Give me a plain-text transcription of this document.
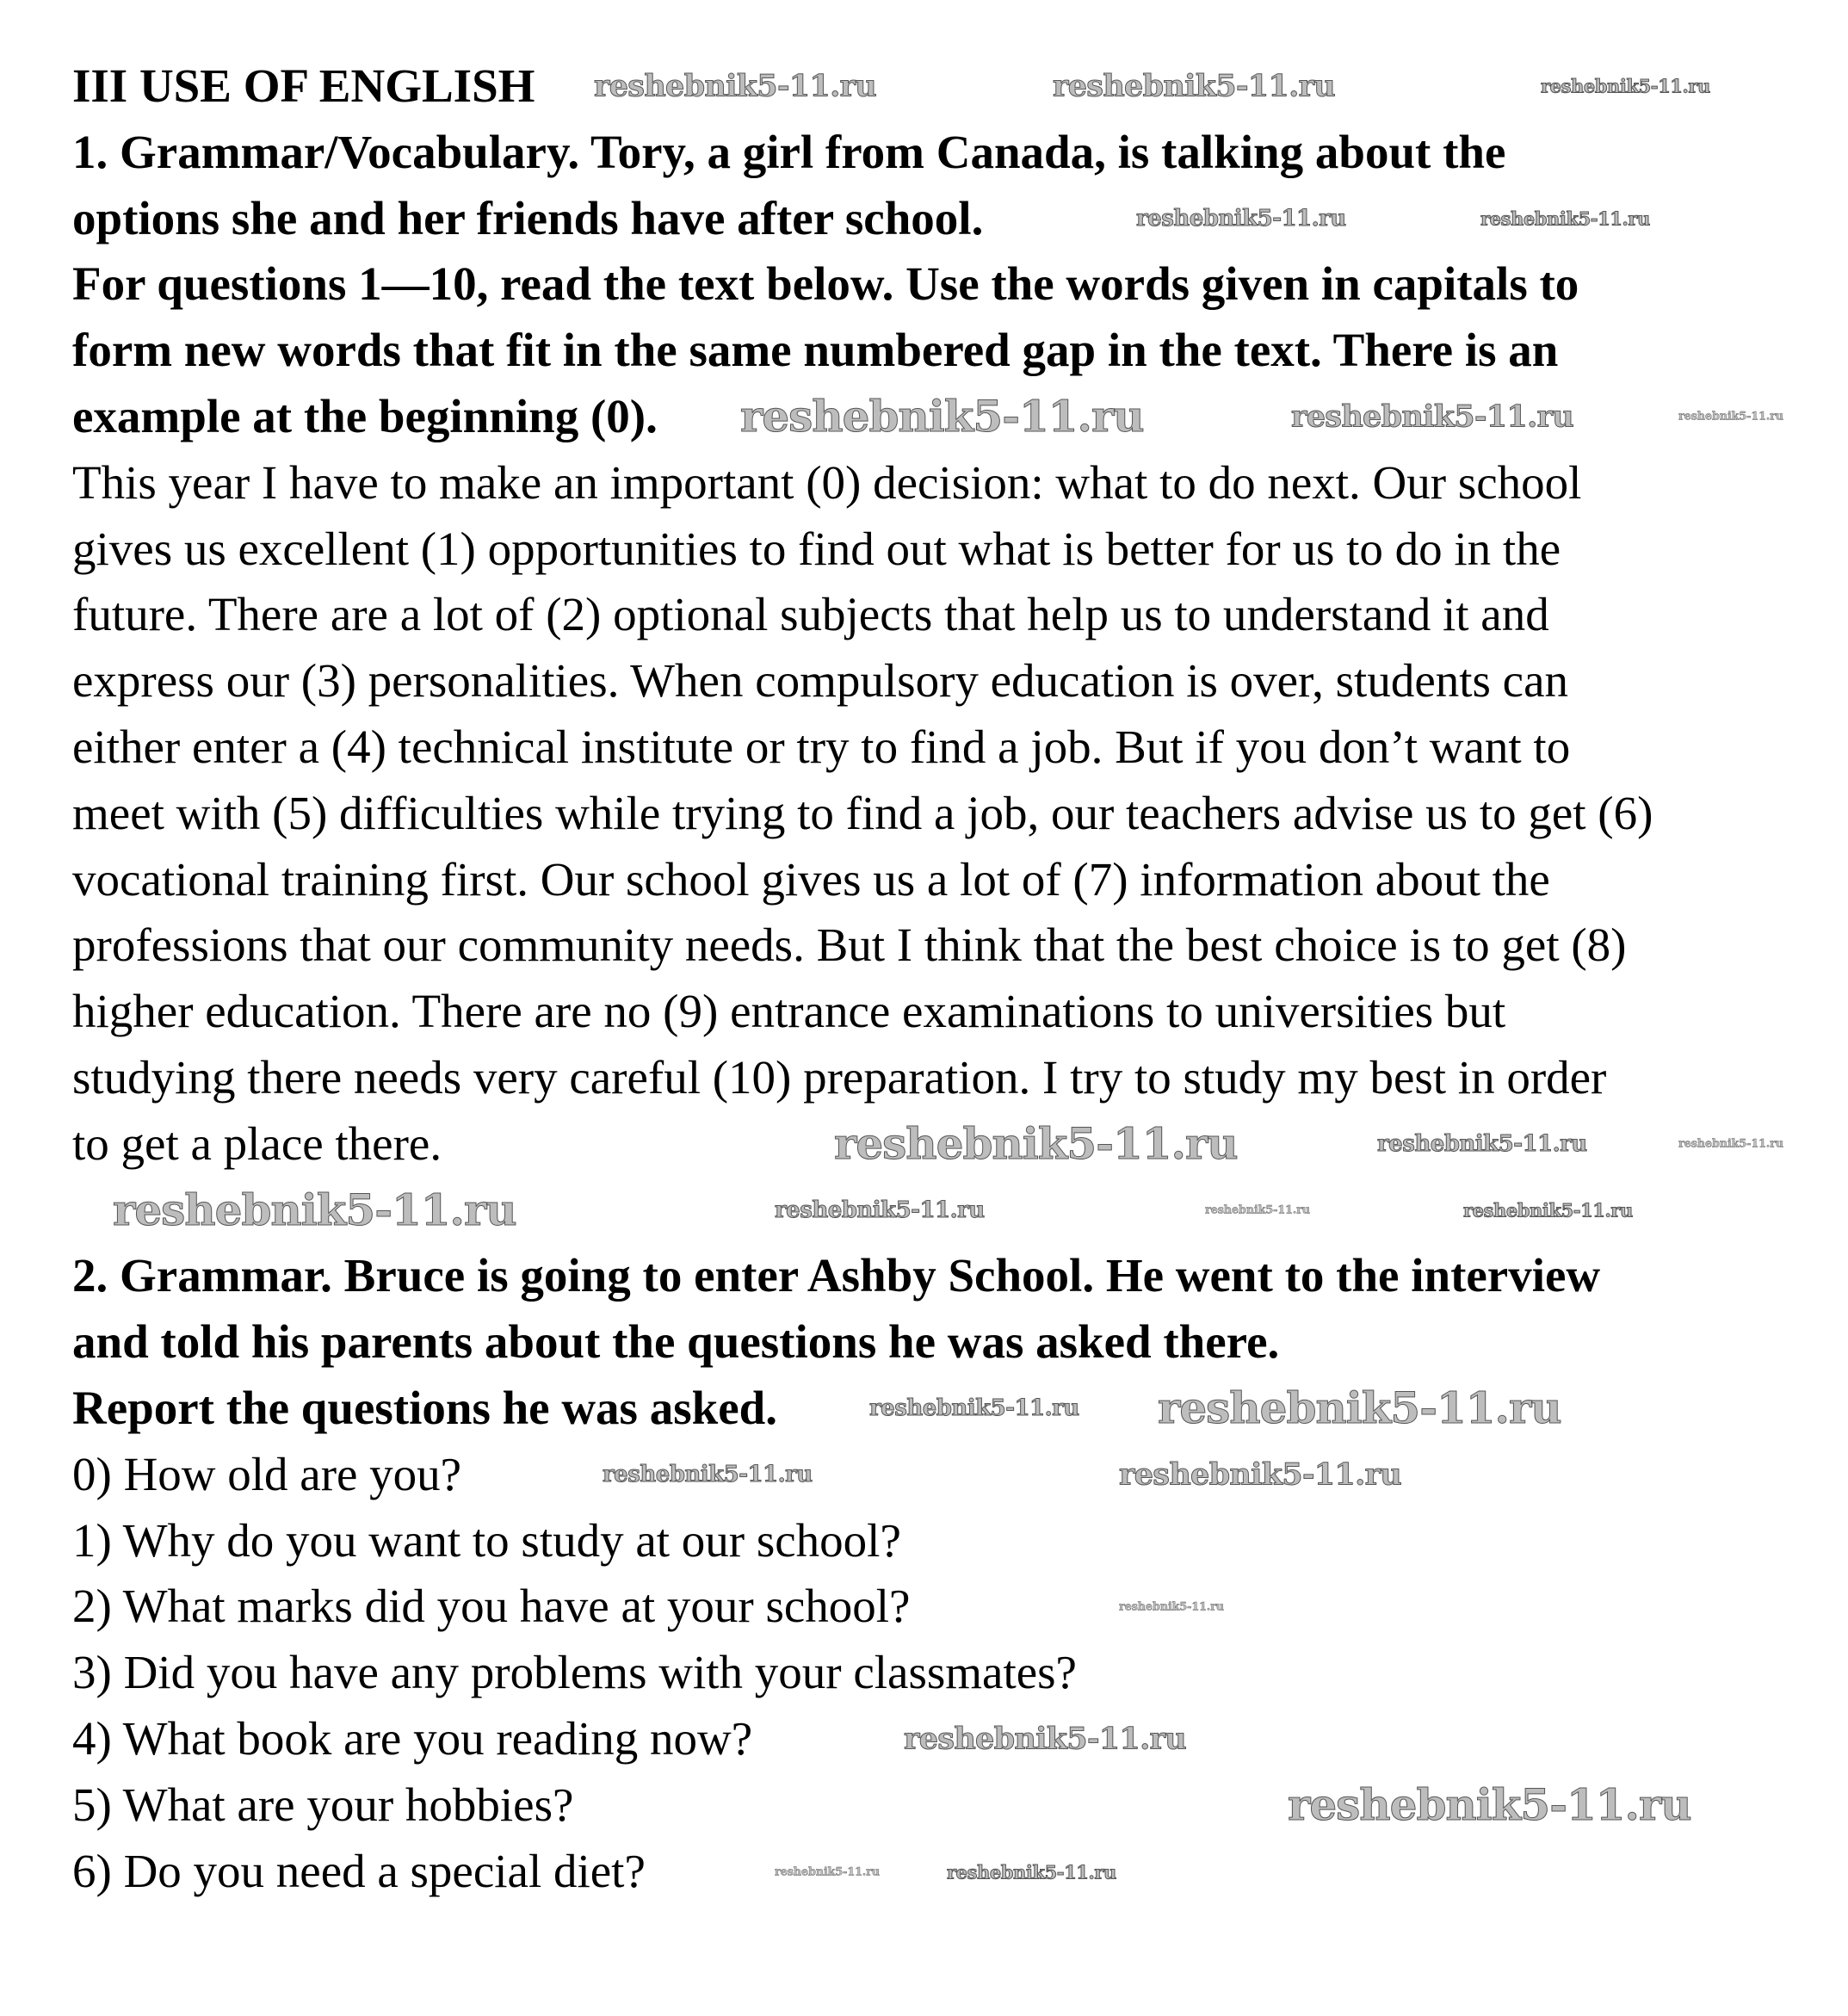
III USE OF ENGLISH
1. Grammar/Vocabulary. Tory, a girl from Canada, is talking about the
options she and her friends have after school.
For questions 1—10, read the text below. Use the words given in capitals to
form new words that fit in the same numbered gap in the text. There is an
example at the beginning (0).
This year I have to make an important (0) decision: what to do next. Our school
gives us excellent (1) opportunities to find out what is better for us to do in the
future. There are a lot of (2) optional subjects that help us to understand it and
express our (3) personalities. When compulsory education is over, students can
either enter a (4) technical institute or try to find a job. But if you don’t want to
meet with (5) difficulties while trying to find a job, our teachers advise us to get (6)
vocational training first. Our school gives us a lot of (7) information about the
professions that our community needs. But I think that the best choice is to get (8)
higher education. There are no (9) entrance examinations to universities but
studying there needs very careful (10) preparation. I try to study my best in order
to get a place there.
2. Grammar. Bruce is going to enter Ashby School. He went to the interview
and told his parents about the questions he was asked there.
Report the questions he was asked.
0) How old are you?
1) Why do you want to study at our school?
2) What marks did you have at your school?
3) Did you have any problems with your classmates?
4) What book are you reading now?
5) What are your hobbies?
6) Do you need a special diet?
reshebnik5-11.ru	reshebnik5-11.ru	reshebnik5-11.ru
reshebnik5-11.ru	reshebnik5-11.ru
reshebnik5-11.ru	reshebnik5-11.ru	reshebnik5-11.ru
reshebnik5-11.ru	reshebnik5-11.ru	reshebnik5-11.ru
reshebnik5-11.ru	reshebnik5-11.ru	reshebnik5-11.ru	reshebnik5-11.ru
reshebnik5-11.ru reshebnik5-11.ru
reshebnik5-11.ru	reshebnik5-11.ru
reshebnik5-11.ru
reshebnik5-11.ru
reshebnik5-11.ru
reshebnik5-11.ru	reshebnik5-11.ru
